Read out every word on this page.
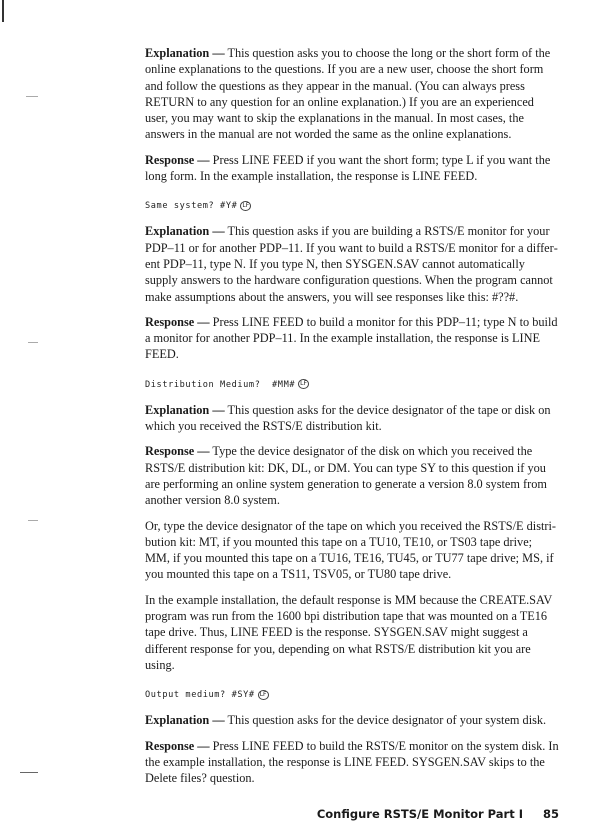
Explanation — This question asks you to choose the long or the short form of the online explanations to the questions. If you are a new user, choose the short form and follow the questions as they appear in the manual. (You can always press RETURN to any question for an online explanation.) If you are an experienced user, you may want to skip the explanations in the manual. In most cases, the answers in the manual are not worded the same as the online explanations.

Response — Press LINE FEED if you want the short form; type L if you want the long form. In the example installation, the response is LINE FEED.

Same system? #Y# LF

Explanation — This question asks if you are building a RSTS/E monitor for your PDP–11 or for another PDP–11. If you want to build a RSTS/E monitor for a different PDP–11, type N. If you type N, then SYSGEN.SAV cannot automatically supply answers to the hardware configuration questions. When the program cannot make assumptions about the answers, you will see responses like this: #??#.

Response — Press LINE FEED to build a monitor for this PDP–11; type N to build a monitor for another PDP–11. In the example installation, the response is LINE FEED.

Distribution Medium?  #MM# LF

Explanation — This question asks for the device designator of the tape or disk on which you received the RSTS/E distribution kit.

Response — Type the device designator of the disk on which you received the RSTS/E distribution kit: DK, DL, or DM. You can type SY to this question if you are performing an online system generation to generate a version 8.0 system from another version 8.0 system.

Or, type the device designator of the tape on which you received the RSTS/E distribution kit: MT, if you mounted this tape on a TU10, TE10, or TS03 tape drive; MM, if you mounted this tape on a TU16, TE16, TU45, or TU77 tape drive; MS, if you mounted this tape on a TS11, TSV05, or TU80 tape drive.

In the example installation, the default response is MM because the CREATE.SAV program was run from the 1600 bpi distribution tape that was mounted on a TE16 tape drive. Thus, LINE FEED is the response. SYSGEN.SAV might suggest a different response for you, depending on what RSTS/E distribution kit you are using.

Output medium? #SY# LF

Explanation — This question asks for the device designator of your system disk.

Response — Press LINE FEED to build the RSTS/E monitor on the system disk. In the example installation, the response is LINE FEED. SYSGEN.SAV skips to the Delete files? question.

Configure RSTS/E Monitor Part I 85
